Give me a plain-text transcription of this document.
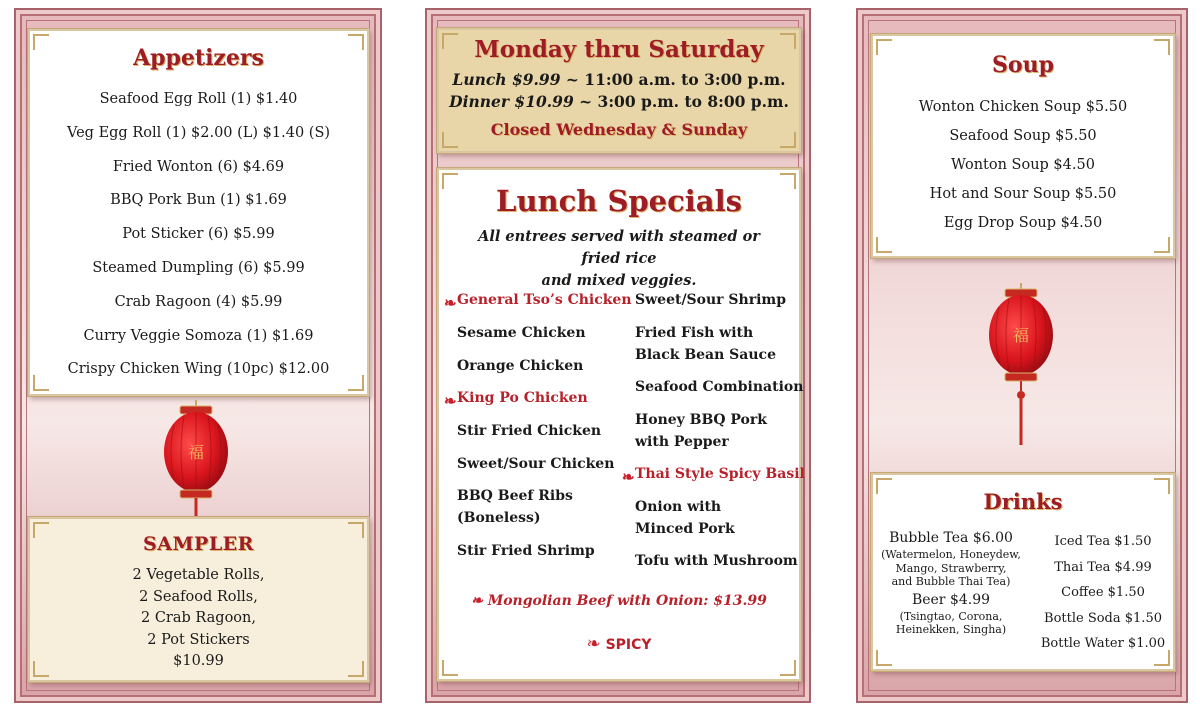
Appetizers
Seafood Egg Roll (1) $1.40
Veg Egg Roll (1) $2.00 (L) $1.40 (S)
Fried Wonton (6) $4.69
BBQ Pork Bun (1) $1.69
Pot Sticker (6) $5.99
Steamed Dumpling (6) $5.99
Crab Ragoon (4) $5.99
Curry Veggie Somoza (1) $1.69
Crispy Chicken Wing (10pc) $12.00
福
SAMPLER
2 Vegetable Rolls,
2 Seafood Rolls,
2 Crab Ragoon,
2 Pot Stickers
$10.99
Monday thru Saturday
Lunch $9.99 ~ 11:00 a.m. to 3:00 p.m.
Dinner $10.99 ~ 3:00 p.m. to 8:00 p.m.
Closed Wednesday & Sunday
Lunch Specials
All entrees served with steamed or fried rice
and mixed veggies.
❧ General Tso’s Chicken
Sesame Chicken
Orange Chicken
❧ King Po Chicken
Stir Fried Chicken
Sweet/Sour Chicken
BBQ Beef Ribs
(Boneless)
Stir Fried Shrimp
Sweet/Sour Shrimp
Fried Fish with
Black Bean Sauce
Seafood Combination
Honey BBQ Pork
with Pepper
❧ Thai Style Spicy Basil
Onion with
Minced Pork
Tofu with Mushroom
❧ Mongolian Beef with Onion: $13.99
❧ SPICY
Soup
Wonton Chicken Soup $5.50
Seafood Soup $5.50
Wonton Soup $4.50
Hot and Sour Soup $5.50
Egg Drop Soup $4.50
福
Drinks
Bubble Tea $6.00
(Watermelon, Honeydew,
Mango, Strawberry,
and Bubble Thai Tea)
Beer $4.99
(Tsingtao, Corona,
Heinekken, Singha)
Iced Tea $1.50
Thai Tea $4.99
Coffee $1.50
Bottle Soda $1.50
Bottle Water $1.00
